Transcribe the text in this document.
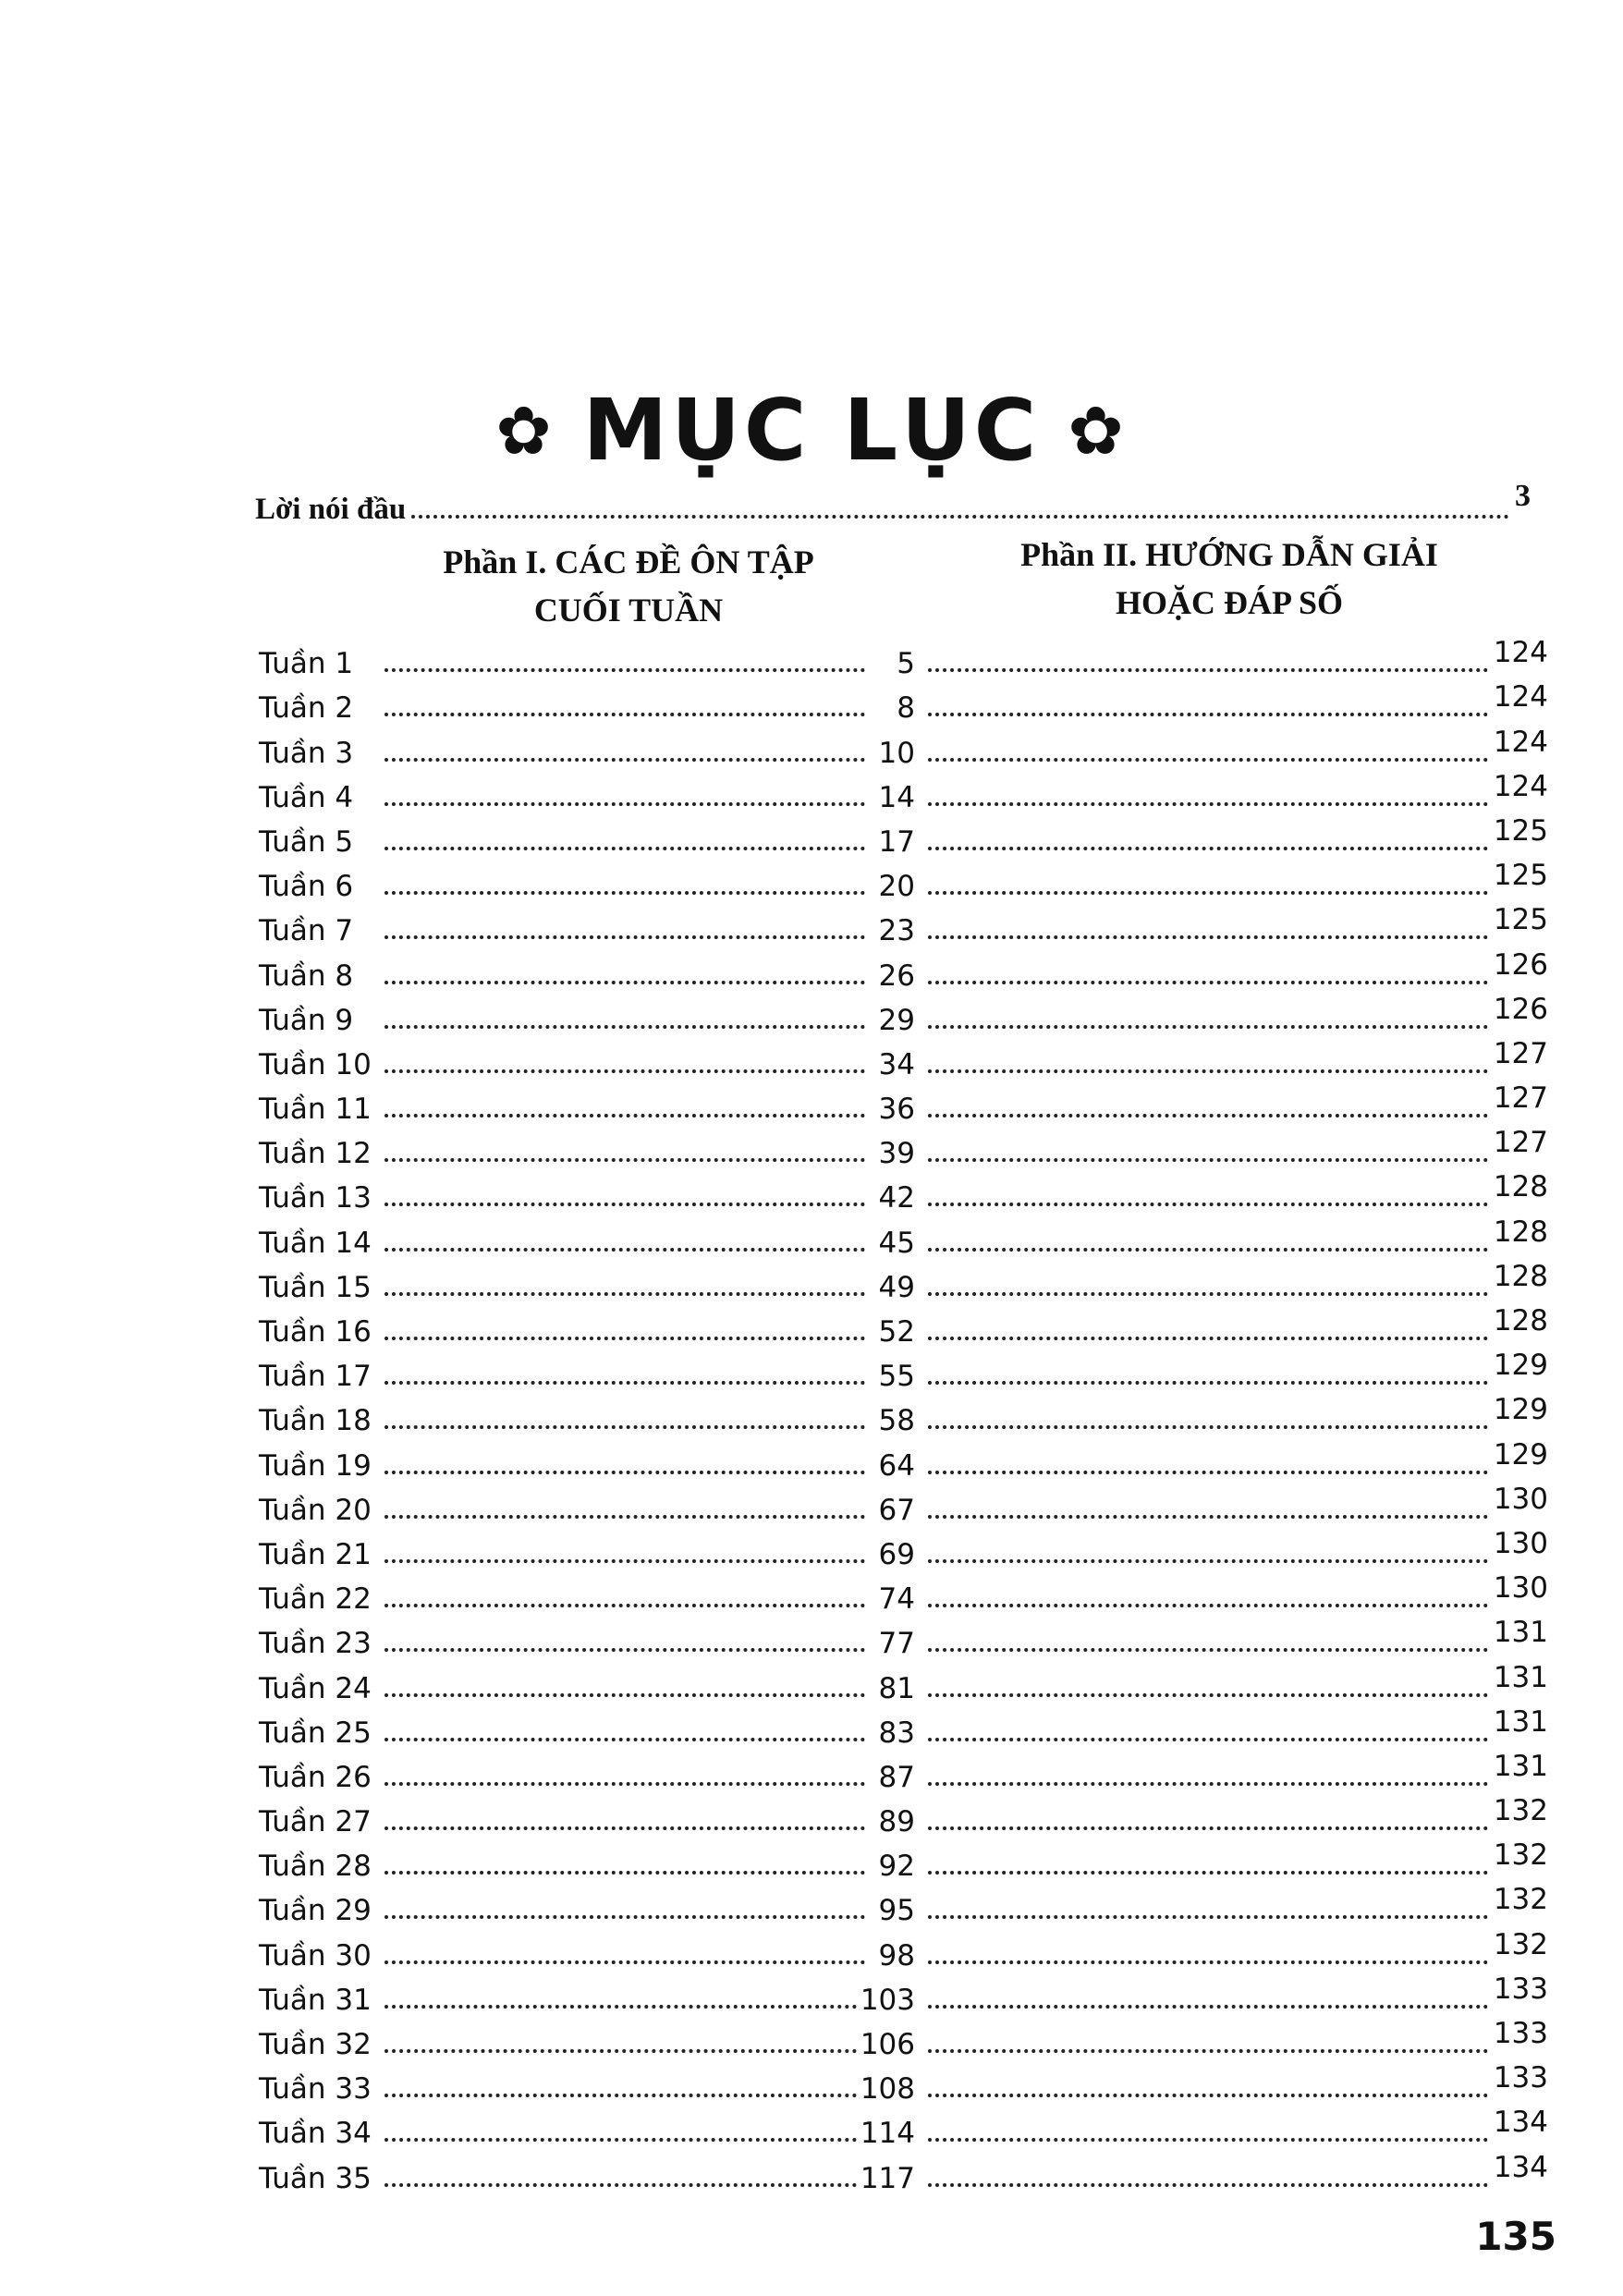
✿ MỤC LỤC ✿
Lời nói đầu	3
Phần I. CÁC ĐỀ ÔN TẬP
CUỐI TUẦN
Phần II. HƯỚNG DẪN GIẢI
HOẶC ĐÁP SỐ
Tuần 1	5	124
Tuần 2	8	124
Tuần 3	10	124
Tuần 4	14	124
Tuần 5	17	125
Tuần 6	20	125
Tuần 7	23	125
Tuần 8	26	126
Tuần 9	29	126
Tuần 10	34	127
Tuần 11	36	127
Tuần 12	39	127
Tuần 13	42	128
Tuần 14	45	128
Tuần 15	49	128
Tuần 16	52	128
Tuần 17	55	129
Tuần 18	58	129
Tuần 19	64	129
Tuần 20	67	130
Tuần 21	69	130
Tuần 22	74	130
Tuần 23	77	131
Tuần 24	81	131
Tuần 25	83	131
Tuần 26	87	131
Tuần 27	89	132
Tuần 28	92	132
Tuần 29	95	132
Tuần 30	98	132
Tuần 31	103	133
Tuần 32	106	133
Tuần 33	108	133
Tuần 34	114	134
Tuần 35	117	134
135
